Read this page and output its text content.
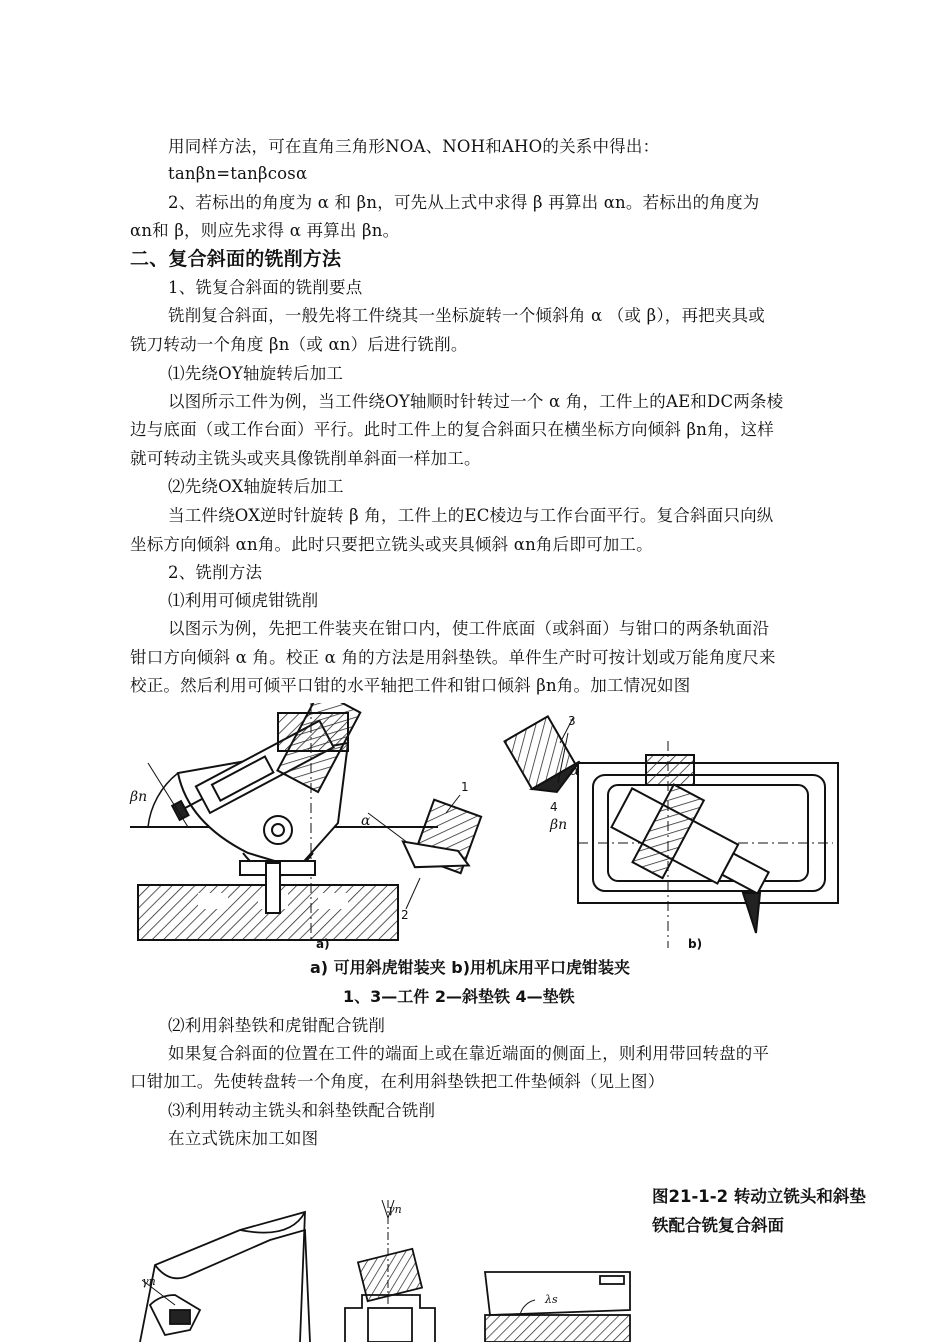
用同样方法，可在直角三角形NOA、NOH和AHO的关系中得出：
tanβn=tanβcosα
2、若标出的角度为 α 和 βn，可先从上式中求得 β 再算出 αn。若标出的角度为
αn和 β，则应先求得 α 再算出 βn。
二、复合斜面的铣削方法
1、铣复合斜面的铣削要点
铣削复合斜面，一般先将工件绕其一坐标旋转一个倾斜角 α （或 β），再把夹具或
铣刀转动一个角度 βn（或 αn）后进行铣削。
⑴先绕OY轴旋转后加工
以图所示工件为例，当工件绕OY轴顺时针转过一个 α 角，工件上的AE和DC两条棱
边与底面（或工作台面）平行。此时工件上的复合斜面只在横坐标方向倾斜 βn角，这样
就可转动主铣头或夹具像铣削单斜面一样加工。
⑵先绕OX轴旋转后加工
当工件绕OX逆时针旋转 β 角，工件上的EC棱边与工作台面平行。复合斜面只向纵
坐标方向倾斜 αn角。此时只要把立铣头或夹具倾斜 αn角后即可加工。
2、铣削方法
⑴利用可倾虎钳铣削
以图示为例，先把工件装夹在钳口内，使工件底面（或斜面）与钳口的两条轨面沿
钳口方向倾斜 α 角。校正 α 角的方法是用斜垫铁。单件生产时可按计划或万能角度尺来
校正。然后利用可倾平口钳的水平轴把工件和钳口倾斜 βn角。加工情况如图
βn
α	βn
α
1
2
3
4
a)	b)
a) 可用斜虎钳装夹 b)用机床用平口虎钳装夹
1、3—工件 2—斜垫铁 4—垫铁
⑵利用斜垫铁和虎钳配合铣削
如果复合斜面的位置在工件的端面上或在靠近端面的侧面上，则利用带回转盘的平
口钳加工。先使转盘转一个角度，在利用斜垫铁把工件垫倾斜（见上图）
⑶利用转动主铣头和斜垫铁配合铣削
在立式铣床加工如图
图21-1-2 转动立铣头和斜垫铁配合铣复合斜面
γn
γn
λs
